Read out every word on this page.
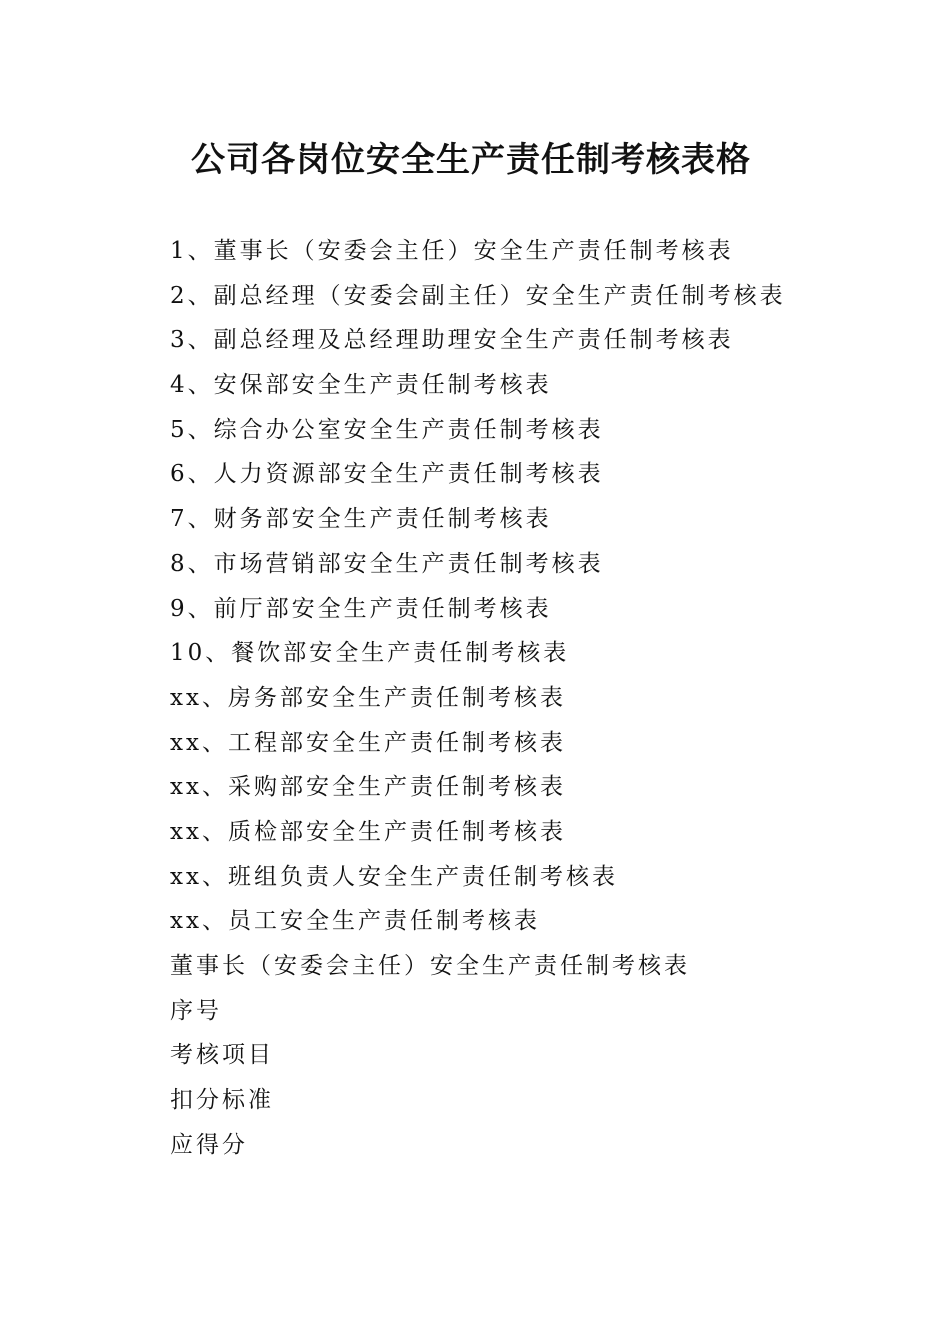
公司各岗位安全生产责任制考核表格
1、董事长（安委会主任）安全生产责任制考核表
2、副总经理（安委会副主任）安全生产责任制考核表
3、副总经理及总经理助理安全生产责任制考核表
4、安保部安全生产责任制考核表
5、综合办公室安全生产责任制考核表
6、人力资源部安全生产责任制考核表
7、财务部安全生产责任制考核表
8、市场营销部安全生产责任制考核表
9、前厅部安全生产责任制考核表
10、餐饮部安全生产责任制考核表
xx、房务部安全生产责任制考核表
xx、工程部安全生产责任制考核表
xx、采购部安全生产责任制考核表
xx、质检部安全生产责任制考核表
xx、班组负责人安全生产责任制考核表
xx、员工安全生产责任制考核表
董事长（安委会主任）安全生产责任制考核表
序号
考核项目
扣分标准
应得分
